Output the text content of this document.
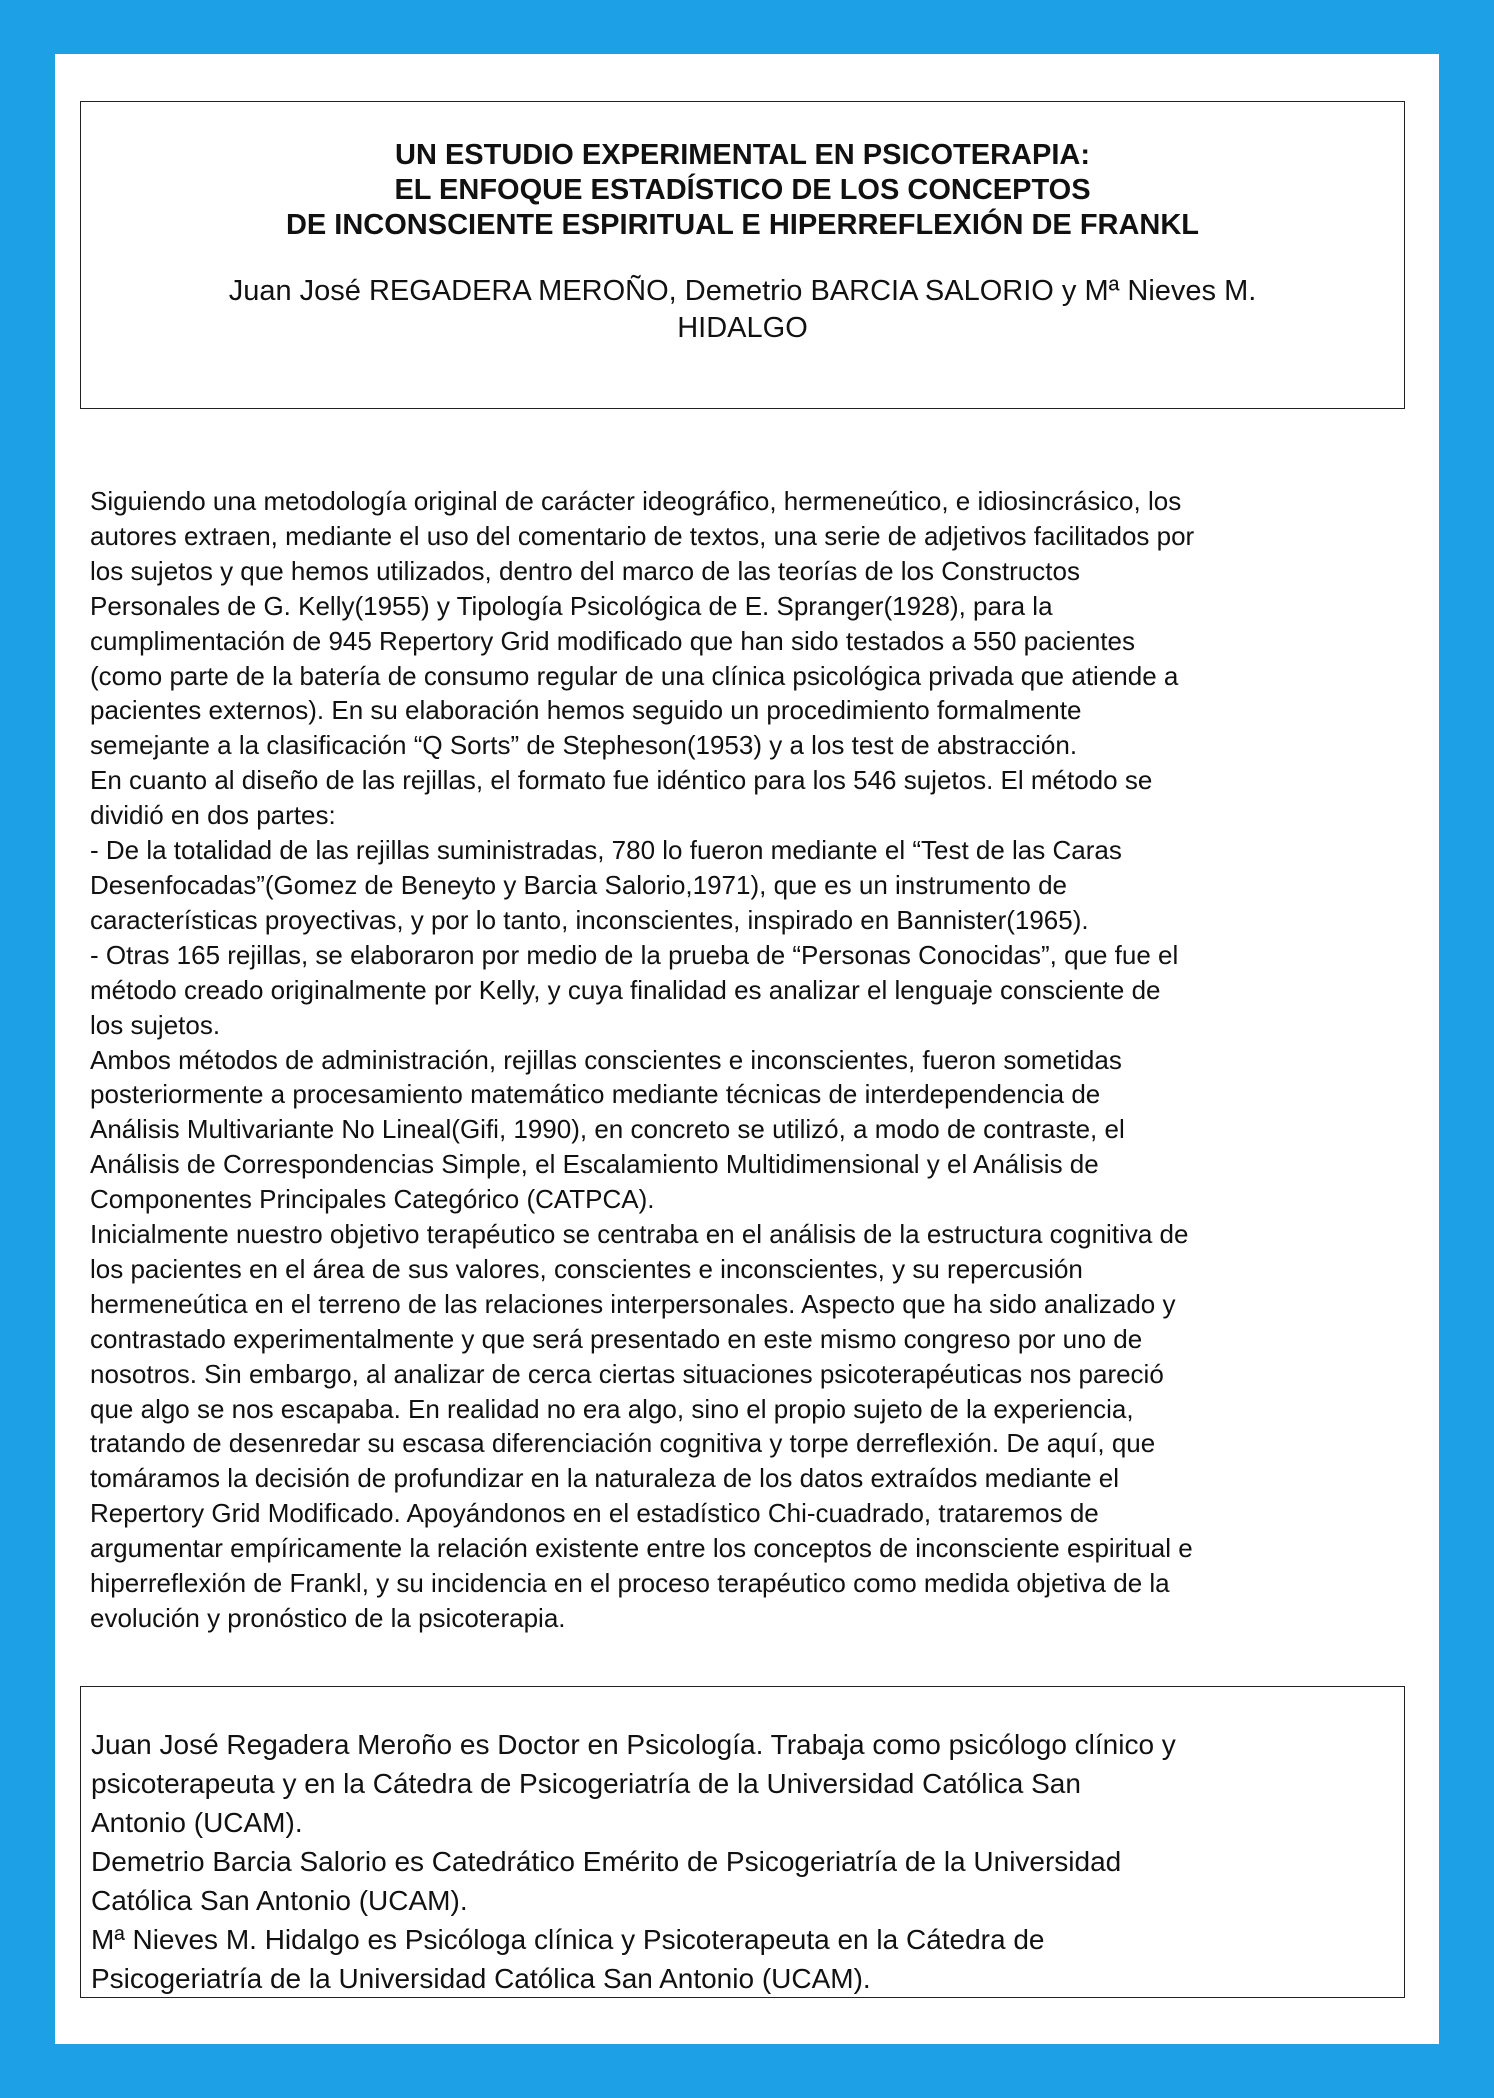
UN ESTUDIO EXPERIMENTAL EN PSICOTERAPIA:
EL ENFOQUE ESTADÍSTICO DE LOS CONCEPTOS
DE INCONSCIENTE ESPIRITUAL E HIPERREFLEXIÓN DE FRANKL
Juan José REGADERA MEROÑO, Demetrio BARCIA SALORIO y Mª Nieves M.
HIDALGO
Siguiendo una metodología original de carácter ideográfico, hermeneútico, e idiosincrásico, los
autores extraen, mediante el uso del comentario de textos, una serie de adjetivos facilitados por
los sujetos y que hemos utilizados, dentro del marco de las teorías de los Constructos
Personales de G. Kelly(1955) y Tipología Psicológica de E. Spranger(1928), para la
cumplimentación de 945 Repertory Grid modificado que han sido testados a 550 pacientes
(como parte de la batería de consumo regular de una clínica psicológica privada que atiende a
pacientes externos). En su elaboración hemos seguido un procedimiento formalmente
semejante a la clasificación “Q Sorts” de Stepheson(1953) y a los test de abstracción.
En cuanto al diseño de las rejillas, el formato fue idéntico para los 546 sujetos. El método se
dividió en dos partes:
- De la totalidad de las rejillas suministradas, 780 lo fueron mediante el “Test de las Caras
Desenfocadas”(Gomez de Beneyto y Barcia Salorio,1971), que es un instrumento de
características proyectivas, y por lo tanto, inconscientes, inspirado en Bannister(1965).
- Otras 165 rejillas, se elaboraron por medio de la prueba de “Personas Conocidas”, que fue el
método creado originalmente por Kelly, y cuya finalidad es analizar el lenguaje consciente de
los sujetos.
Ambos métodos de administración, rejillas conscientes e inconscientes, fueron sometidas
posteriormente a procesamiento matemático mediante técnicas de interdependencia de
Análisis Multivariante No Lineal(Gifi, 1990), en concreto se utilizó, a modo de contraste, el
Análisis de Correspondencias Simple, el Escalamiento Multidimensional y el Análisis de
Componentes Principales Categórico (CATPCA).
Inicialmente nuestro objetivo terapéutico se centraba en el análisis de la estructura cognitiva de
los pacientes en el área de sus valores, conscientes e inconscientes, y su repercusión
hermeneútica en el terreno de las relaciones interpersonales. Aspecto que ha sido analizado y
contrastado experimentalmente y que será presentado en este mismo congreso por uno de
nosotros. Sin embargo, al analizar de cerca ciertas situaciones psicoterapéuticas nos pareció
que algo se nos escapaba. En realidad no era algo, sino el propio sujeto de la experiencia,
tratando de desenredar su escasa diferenciación cognitiva y torpe derreflexión. De aquí, que
tomáramos la decisión de profundizar en la naturaleza de los datos extraídos mediante el
Repertory Grid Modificado. Apoyándonos en el estadístico Chi-cuadrado, trataremos de
argumentar empíricamente la relación existente entre los conceptos de inconsciente espiritual e
hiperreflexión de Frankl, y su incidencia en el proceso terapéutico como medida objetiva de la
evolución y pronóstico de la psicoterapia.
Juan José Regadera Meroño es Doctor en Psicología. Trabaja como psicólogo clínico y
psicoterapeuta y en la Cátedra de Psicogeriatría de la Universidad Católica San
Antonio (UCAM).
Demetrio Barcia Salorio es Catedrático Emérito de Psicogeriatría de la Universidad
Católica San Antonio (UCAM).
Mª Nieves M. Hidalgo es Psicóloga clínica y Psicoterapeuta en la Cátedra de
Psicogeriatría de la Universidad Católica San Antonio (UCAM).
